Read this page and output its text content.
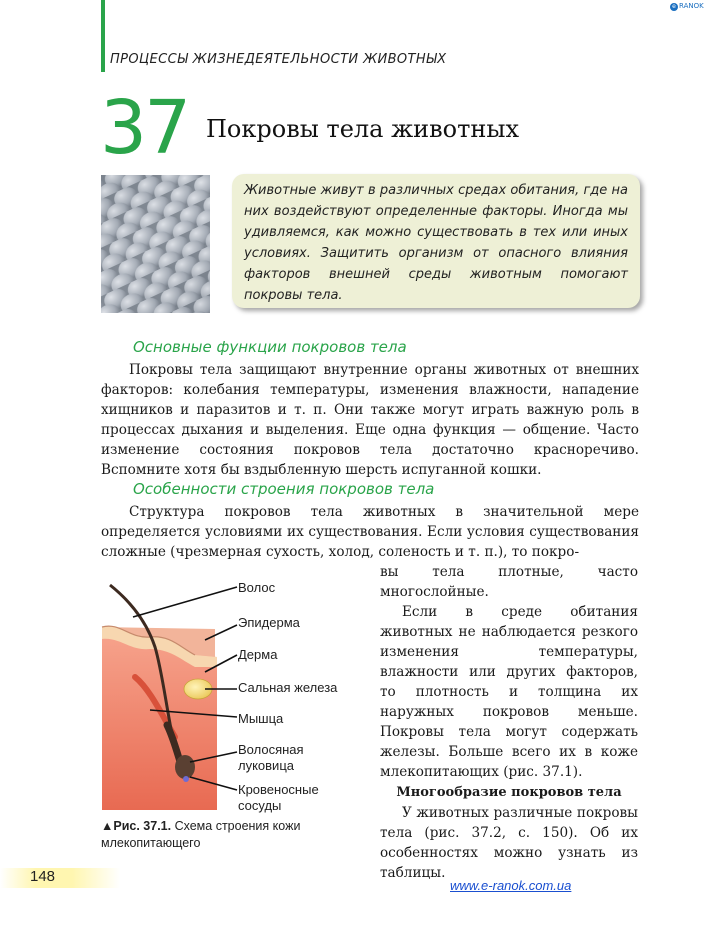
ПРОЦЕССЫ ЖИЗНЕДЕЯТЕЛЬНОСТИ ЖИВОТНЫХ
e RANOK
37 Покровы тела животных

Животные живут в различных средах обитания, где на них воздействуют определенные факторы. Иногда мы удивляемся, как можно существовать в тех или иных условиях. Защитить организм от опасного влияния факторов внешней среды животным помогают покровы тела.

Основные функции покровов тела

Покровы тела защищают внутренние органы животных от внешних факторов: колебания температуры, изменения влажности, нападение хищников и паразитов и т. п. Они также могут играть важную роль в процессах дыхания и выделения. Еще одна функция — общение. Часто изменение состояния покровов тела достаточно красноречиво. Вспомните хотя бы вздыбленную шерсть испуганной кошки.

Особенности строения покровов тела

Структура покровов тела животных в значительной мере определяется условиями их существования. Если условия существования сложные (чрезмерная сухость, холод, соленость и т. п.), то покро-

вы тела плотные, часто многослойные.

Если в среде обитания животных не наблюдается резкого изменения температуры, влажности или других факторов, то плотность и толщина их наружных покровов меньше. Покровы тела могут содержать железы. Больше всего их в коже млекопитающих (рис. 37.1).

Многообразие покровов тела

У животных различные покровы тела (рис. 37.2, с. 150). Об их особенностях можно узнать из таблицы.

Волос
Эпидерма
Дерма
Сальная железа
Мышца
Волосяная
луковица
Кровеносные
сосуды
▲Рис. 37.1. Схема строения кожи млекопитающего
148
www.e-ranok.com.ua
